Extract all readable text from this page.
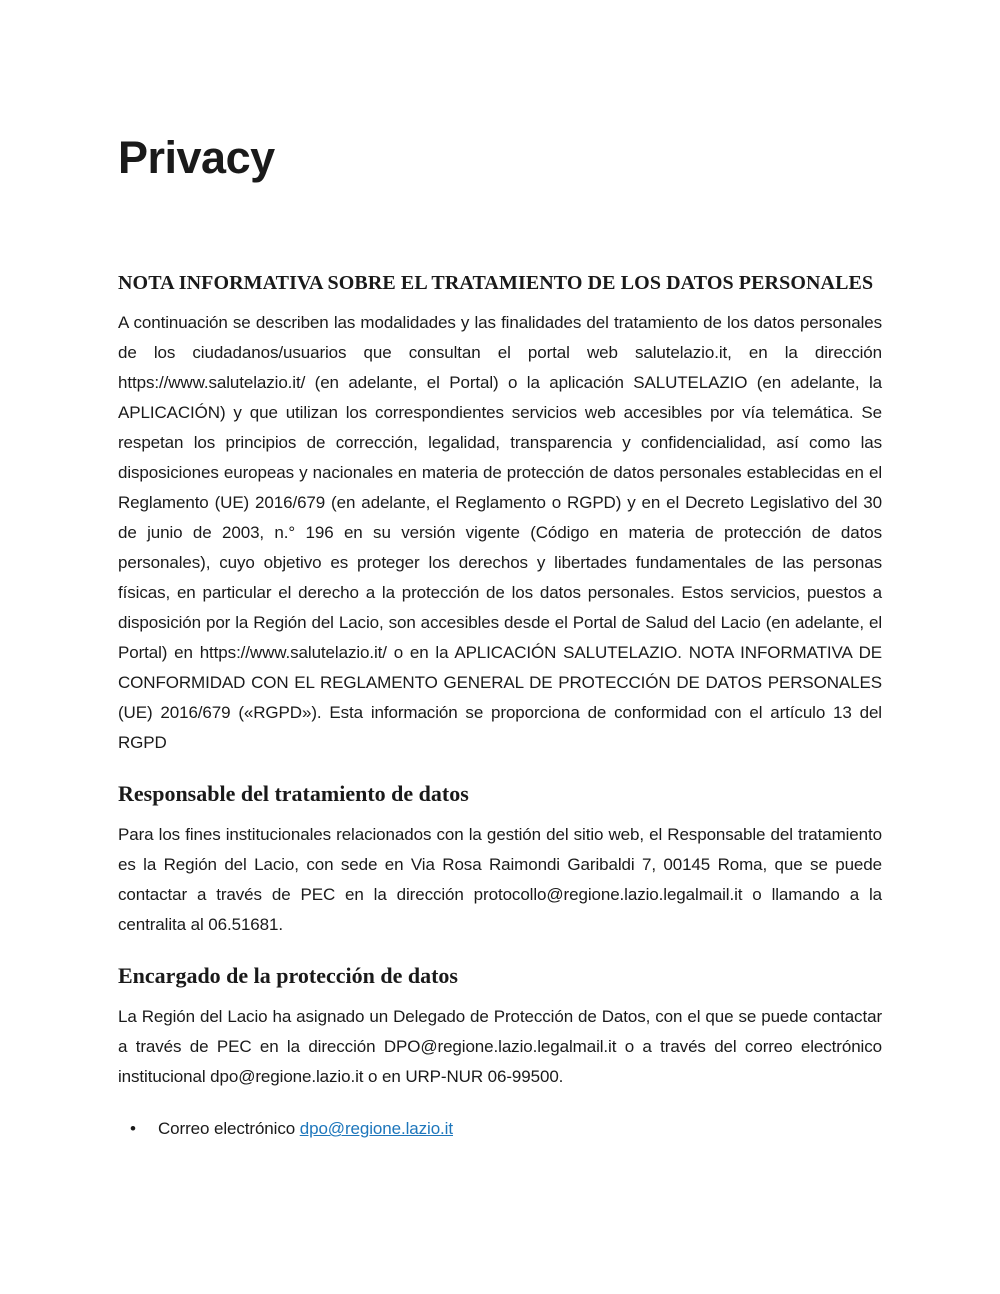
Privacy
NOTA INFORMATIVA SOBRE EL TRATAMIENTO DE LOS DATOS PERSONALES

A continuación se describen las modalidades y las finalidades del tratamiento de los datos personales de los ciudadanos/usuarios que consultan el portal web salutelazio.it, en la dirección https://www.salutelazio.it/ (en adelante, el Portal) o la aplicación SALUTELAZIO (en adelante, la APLICACIÓN) y que utilizan los correspondientes servicios web accesibles por vía telemática. Se respetan los principios de corrección, legalidad, transparencia y confidencialidad, así como las disposiciones europeas y nacionales en materia de protección de datos personales establecidas en el Reglamento (UE) 2016/679 (en adelante, el Reglamento o RGPD) y en el Decreto Legislativo del 30 de junio de 2003, n.° 196 en su versión vigente (Código en materia de protección de datos personales), cuyo objetivo es proteger los derechos y libertades fundamentales de las personas físicas, en particular el derecho a la protección de los datos personales. Estos servicios, puestos a disposición por la Región del Lacio, son accesibles desde el Portal de Salud del Lacio (en adelante, el Portal) en https://www.salutelazio.it/ o en la APLICACIÓN SALUTELAZIO. NOTA INFORMATIVA DE CONFORMIDAD CON EL REGLAMENTO GENERAL DE PROTECCIÓN DE DATOS PERSONALES (UE) 2016/679 («RGPD»). Esta información se proporciona de conformidad con el artículo 13 del RGPD

Responsable del tratamiento de datos

Para los fines institucionales relacionados con la gestión del sitio web, el Responsable del tratamiento es la Región del Lacio, con sede en Via Rosa Raimondi Garibaldi 7, 00145 Roma, que se puede contactar a través de PEC en la dirección protocollo@regione.lazio.legalmail.it o llamando a la centralita al 06.51681.

Encargado de la protección de datos

La Región del Lacio ha asignado un Delegado de Protección de Datos, con el que se puede contactar a través de PEC en la dirección DPO@regione.lazio.legalmail.it o a través del correo electrónico institucional dpo@regione.lazio.it o en URP-NUR 06-99500.

•	Correo electrónico dpo@regione.lazio.it
